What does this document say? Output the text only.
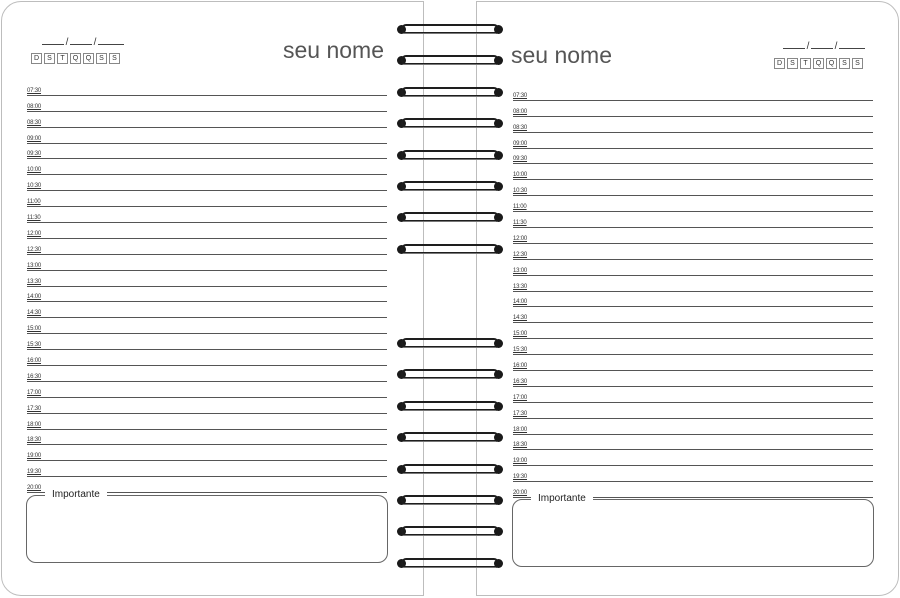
/	/
D	S	T	Q	Q	S	S	seu nome
07:30
08:00
08:30
09:00
09:30
10:00
10:30
11:00
11:30
12:00
12:30
13:00
13:30
14:00
14:30
15:00
15:30
16:00
16:30
17:00
17:30
18:00
18:30
19:00
19:30
20:00
Importante
seu nome	/	/
D	S	T	Q	Q	S	S
07:30
08:00
08:30
09:00
09:30
10:00
10:30
11:00
11:30
12:00
12:30
13:00
13:30
14:00
14:30
15:00
15:30
16:00
16:30
17:00
17:30
18:00
18:30
19:00
19:30
20:00	Importante
